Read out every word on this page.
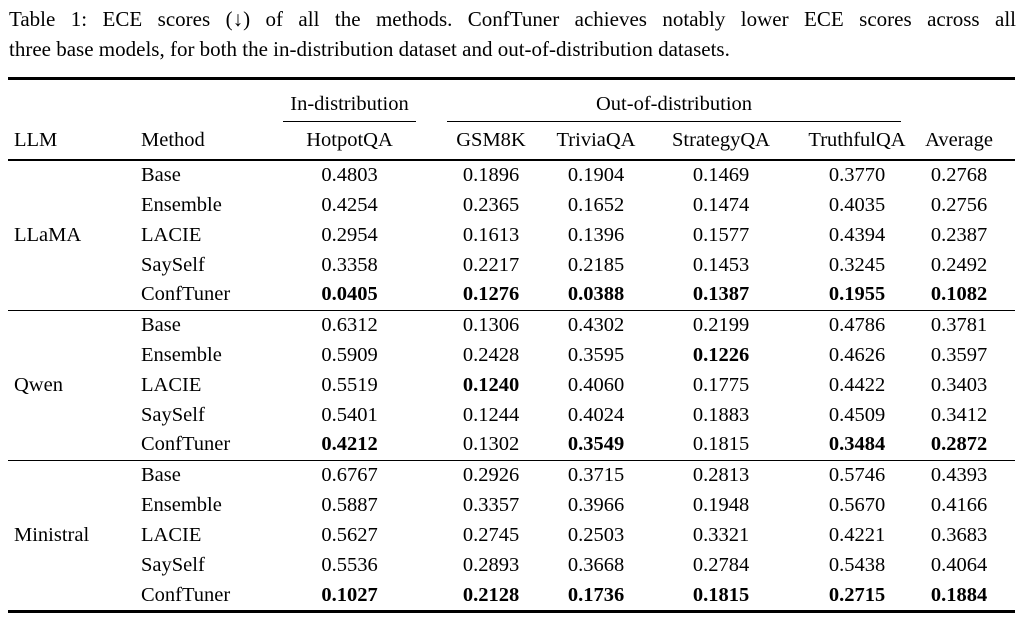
Table 1: ECE scores (↓) of all the methods. ConfTuner achieves notably lower ECE scores across all
three base models, for both the in-distribution dataset and out-of-distribution datasets.

		In-distribution	Out-of-distribution				

LLM	Method	HotpotQA	GSM8K	TriviaQA	StrategyQA	TruthfulQA	Average
LLaMA	Base	0.4803	0.1896	0.1904	0.1469	0.3770	0.2768
	Ensemble	0.4254	0.2365	0.1652	0.1474	0.4035	0.2756
	LACIE	0.2954	0.1613	0.1396	0.1577	0.4394	0.2387
	SaySelf	0.3358	0.2217	0.2185	0.1453	0.3245	0.2492
	ConfTuner	0.0405	0.1276	0.0388	0.1387	0.1955	0.1082
Qwen	Base	0.6312	0.1306	0.4302	0.2199	0.4786	0.3781
	Ensemble	0.5909	0.2428	0.3595	0.1226	0.4626	0.3597
	LACIE	0.5519	0.1240	0.4060	0.1775	0.4422	0.3403
	SaySelf	0.5401	0.1244	0.4024	0.1883	0.4509	0.3412
	ConfTuner	0.4212	0.1302	0.3549	0.1815	0.3484	0.2872
Ministral	Base	0.6767	0.2926	0.3715	0.2813	0.5746	0.4393
	Ensemble	0.5887	0.3357	0.3966	0.1948	0.5670	0.4166
	LACIE	0.5627	0.2745	0.2503	0.3321	0.4221	0.3683
	SaySelf	0.5536	0.2893	0.3668	0.2784	0.5438	0.4064
	ConfTuner	0.1027	0.2128	0.1736	0.1815	0.2715	0.1884
